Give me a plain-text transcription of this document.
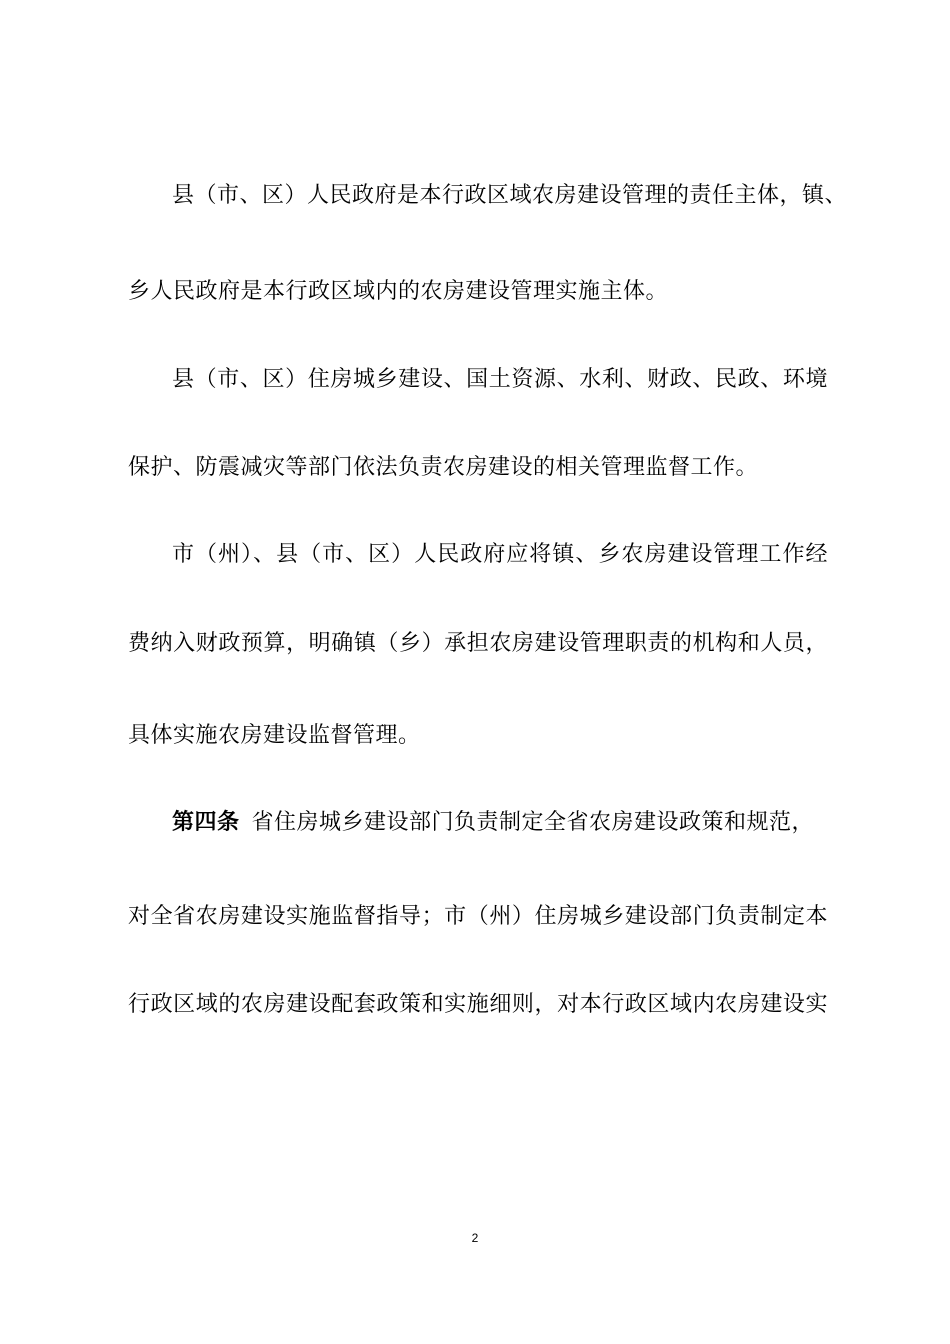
县（市、区）人民政府是本行政区域农房建设管理的责任主体，镇、
乡人民政府是本行政区域内的农房建设管理实施主体。
县（市、区）住房城乡建设、国土资源、水利、财政、民政、环境
保护、防震减灾等部门依法负责农房建设的相关管理监督工作。
市（州）、县（市、区）人民政府应将镇、乡农房建设管理工作经
费纳入财政预算，明确镇（乡）承担农房建设管理职责的机构和人员，
具体实施农房建设监督管理。
第四条 省住房城乡建设部门负责制定全省农房建设政策和规范，
对全省农房建设实施监督指导；市（州）住房城乡建设部门负责制定本
行政区域的农房建设配套政策和实施细则，对本行政区域内农房建设实
2
